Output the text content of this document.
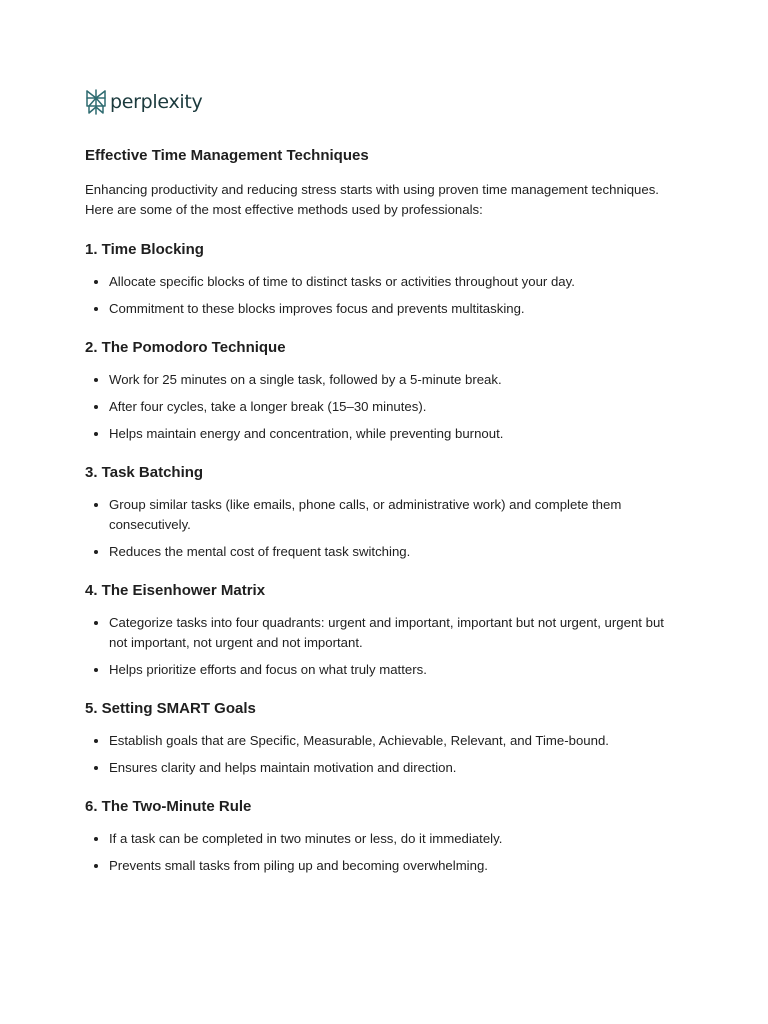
perplexity
Effective Time Management Techniques

Enhancing productivity and reducing stress starts with using proven time management techniques. Here are some of the most effective methods used by professionals:

1. Time Blocking
Allocate specific blocks of time to distinct tasks or activities throughout your day.
Commitment to these blocks improves focus and prevents multitasking.
2. The Pomodoro Technique
Work for 25 minutes on a single task, followed by a 5-minute break.
After four cycles, take a longer break (15–30 minutes).
Helps maintain energy and concentration, while preventing burnout.
3. Task Batching
Group similar tasks (like emails, phone calls, or administrative work) and complete them consecutively.
Reduces the mental cost of frequent task switching.
4. The Eisenhower Matrix
Categorize tasks into four quadrants: urgent and important, important but not urgent, urgent but not important, not urgent and not important.
Helps prioritize efforts and focus on what truly matters.
5. Setting SMART Goals
Establish goals that are Specific, Measurable, Achievable, Relevant, and Time-bound.
Ensures clarity and helps maintain motivation and direction.
6. The Two-Minute Rule
If a task can be completed in two minutes or less, do it immediately.
Prevents small tasks from piling up and becoming overwhelming.
